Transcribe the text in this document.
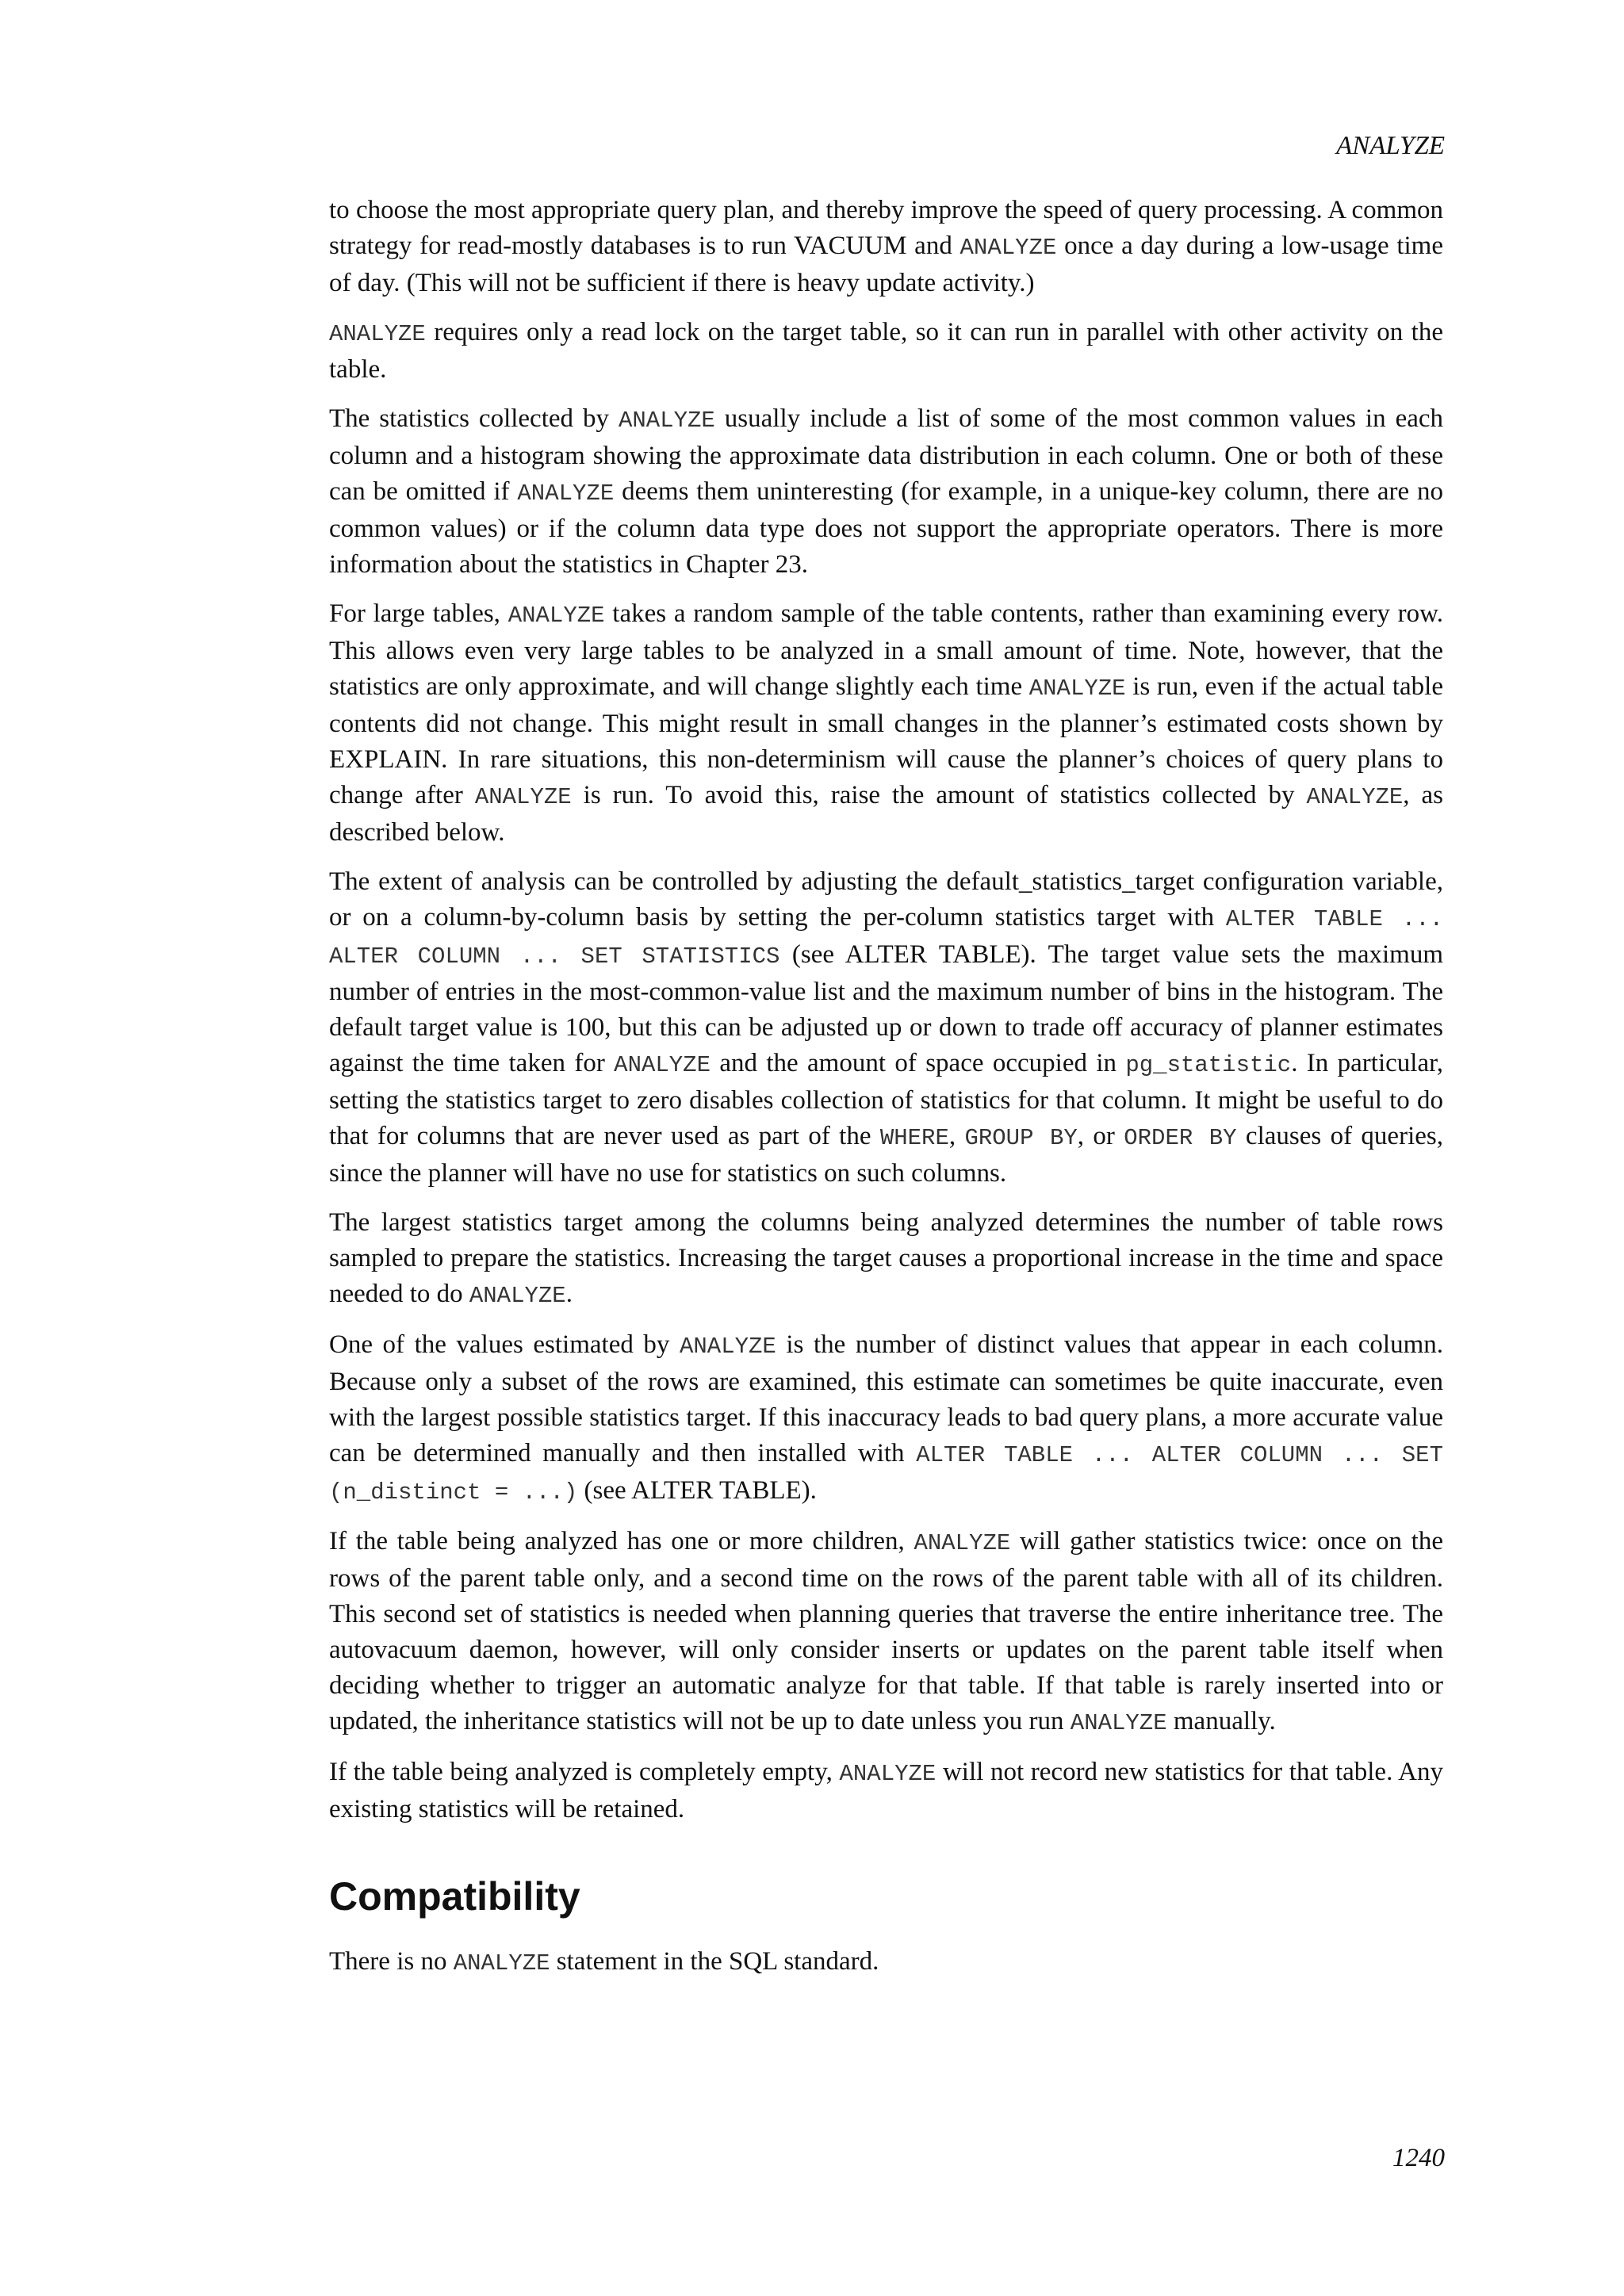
ANALYZE

to choose the most appropriate query plan, and thereby improve the speed of query processing. A common strategy for read-mostly databases is to run VACUUM and ANALYZE once a day during a low-usage time of day. (This will not be sufficient if there is heavy update activity.)

ANALYZE requires only a read lock on the target table, so it can run in parallel with other activity on the table.

The statistics collected by ANALYZE usually include a list of some of the most common values in each column and a histogram showing the approximate data distribution in each column. One or both of these can be omitted if ANALYZE deems them uninteresting (for example, in a unique-key column, there are no common values) or if the column data type does not support the appropriate operators. There is more information about the statistics in Chapter 23.

For large tables, ANALYZE takes a random sample of the table contents, rather than examining every row. This allows even very large tables to be analyzed in a small amount of time. Note, however, that the statistics are only approximate, and will change slightly each time ANALYZE is run, even if the actual table contents did not change. This might result in small changes in the planner’s estimated costs shown by EXPLAIN. In rare situations, this non-determinism will cause the planner’s choices of query plans to change after ANALYZE is run. To avoid this, raise the amount of statistics collected by ANALYZE, as described below.

The extent of analysis can be controlled by adjusting the default_statistics_target configuration variable, or on a column-by-column basis by setting the per-column statistics target with ALTER TABLE ... ALTER COLUMN ... SET STATISTICS (see ALTER TABLE). The target value sets the maximum number of entries in the most-common-value list and the maximum number of bins in the histogram. The default target value is 100, but this can be adjusted up or down to trade off accuracy of planner estimates against the time taken for ANALYZE and the amount of space occupied in pg_statistic. In particular, setting the statistics target to zero disables collection of statistics for that column. It might be useful to do that for columns that are never used as part of the WHERE, GROUP BY, or ORDER BY clauses of queries, since the planner will have no use for statistics on such columns.

The largest statistics target among the columns being analyzed determines the number of table rows sampled to prepare the statistics. Increasing the target causes a proportional increase in the time and space needed to do ANALYZE.

One of the values estimated by ANALYZE is the number of distinct values that appear in each column. Because only a subset of the rows are examined, this estimate can sometimes be quite inaccurate, even with the largest possible statistics target. If this inaccuracy leads to bad query plans, a more accurate value can be determined manually and then installed with ALTER TABLE ... ALTER COLUMN ... SET (n_distinct = ...) (see ALTER TABLE).

If the table being analyzed has one or more children, ANALYZE will gather statistics twice: once on the rows of the parent table only, and a second time on the rows of the parent table with all of its children. This second set of statistics is needed when planning queries that traverse the entire inheritance tree. The autovacuum daemon, however, will only consider inserts or updates on the parent table itself when deciding whether to trigger an automatic analyze for that table. If that table is rarely inserted into or updated, the inheritance statistics will not be up to date unless you run ANALYZE manually.

If the table being analyzed is completely empty, ANALYZE will not record new statistics for that table. Any existing statistics will be retained.

Compatibility

There is no ANALYZE statement in the SQL standard.

1240
